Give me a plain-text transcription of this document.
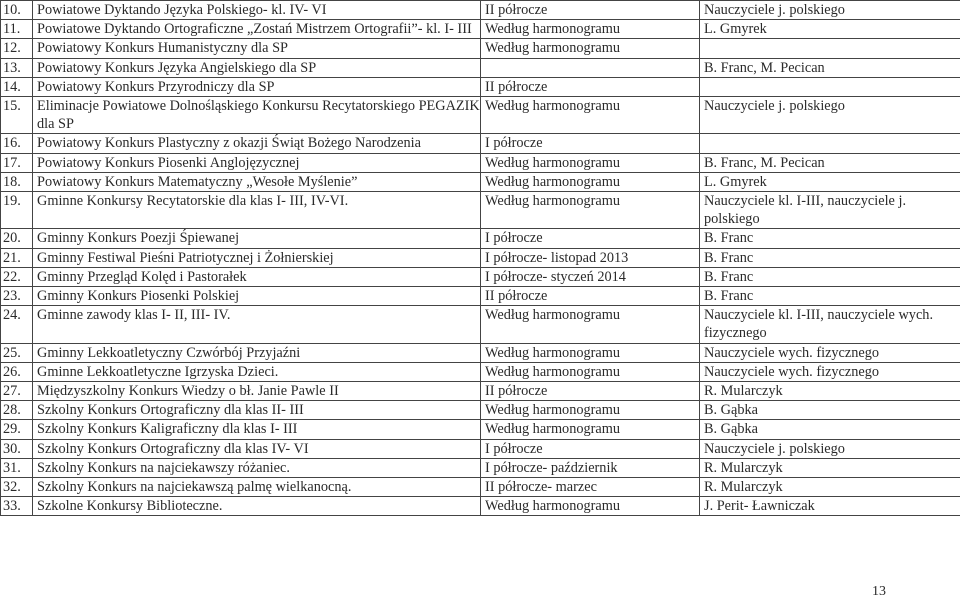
10.	Powiatowe Dyktando Języka Polskiego- kl. IV- VI	II półrocze	Nauczyciele j. polskiego
11.	Powiatowe Dyktando Ortograficzne „Zostań Mistrzem Ortografii”- kl. I- III	Według harmonogramu	L. Gmyrek
12.	Powiatowy Konkurs Humanistyczny dla SP	Według harmonogramu	
13.	Powiatowy Konkurs Języka Angielskiego dla SP		B. Franc, M. Pecican
14.	Powiatowy Konkurs Przyrodniczy dla SP	II półrocze	
15.	Eliminacje Powiatowe Dolnośląskiego Konkursu Recytatorskiego PEGAZIK dla SP	Według harmonogramu	Nauczyciele j. polskiego
16.	Powiatowy Konkurs Plastyczny z okazji Świąt Bożego Narodzenia	I półrocze	
17.	Powiatowy Konkurs Piosenki Anglojęzycznej	Według harmonogramu	B. Franc, M. Pecican
18.	Powiatowy Konkurs Matematyczny „Wesołe Myślenie”	Według harmonogramu	L. Gmyrek
19.	Gminne Konkursy Recytatorskie dla klas I- III, IV-VI.	Według harmonogramu	Nauczyciele kl. I-III, nauczyciele j. polskiego
20.	Gminny Konkurs Poezji Śpiewanej	I półrocze	B. Franc
21.	Gminny Festiwal Pieśni Patriotycznej i Żołnierskiej	I półrocze- listopad 2013	B. Franc
22.	Gminny Przegląd Kolęd i Pastorałek	I półrocze- styczeń 2014	B. Franc
23.	Gminny Konkurs Piosenki Polskiej	II półrocze	B. Franc
24.	Gminne zawody klas I- II, III- IV.	Według harmonogramu	Nauczyciele kl. I-III, nauczyciele wych. fizycznego
25.	Gminny Lekkoatletyczny Czwórbój Przyjaźni	Według harmonogramu	Nauczyciele wych. fizycznego
26.	Gminne Lekkoatletyczne Igrzyska Dzieci.	Według harmonogramu	Nauczyciele wych. fizycznego
27.	Międzyszkolny Konkurs Wiedzy o bł. Janie Pawle II	II półrocze	R. Mularczyk
28.	Szkolny Konkurs Ortograficzny dla klas II- III	Według harmonogramu	B. Gąbka
29.	Szkolny Konkurs Kaligraficzny dla klas I- III	Według harmonogramu	B. Gąbka
30.	Szkolny Konkurs Ortograficzny dla klas IV- VI	I półrocze	Nauczyciele j. polskiego
31.	Szkolny Konkurs na najciekawszy różaniec.	I półrocze- październik	R. Mularczyk
32.	Szkolny Konkurs na najciekawszą palmę wielkanocną.	II półrocze- marzec	R. Mularczyk
33.	Szkolne Konkursy Biblioteczne.	Według harmonogramu	J. Perit- Ławniczak
13
